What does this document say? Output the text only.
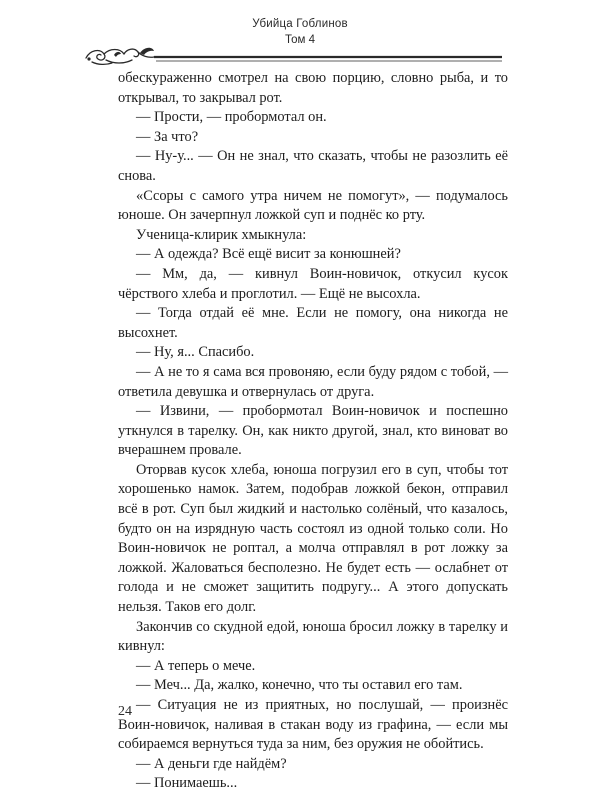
Убийца Гоблинов
Том 4

обескураженно смотрел на свою порцию, словно рыба, и то открывал, то закрывал рот.

— Прости, — пробормотал он.

— За что?

— Ну-у... — Он не знал, что сказать, чтобы не разозлить её снова.

«Ссоры с самого утра ничем не помогут», — подумалось юноше. Он зачерпнул ложкой суп и поднёс ко рту.

Ученица-клирик хмыкнула:

— А одежда? Всё ещё висит за конюшней?

— Мм, да, — кивнул Воин-новичок, откусил кусок чёрствого хлеба и проглотил. — Ещё не высохла.

— Тогда отдай её мне. Если не помогу, она никогда не высохнет.

— Ну, я... Спасибо.

— А не то я сама вся провоняю, если буду рядом с тобой, — ответила девушка и отвернулась от друга.

— Извини, — пробормотал Воин-новичок и поспешно уткнулся в тарелку. Он, как никто другой, знал, кто виноват во вчерашнем провале.

Оторвав кусок хлеба, юноша погрузил его в суп, чтобы тот хорошенько намок. Затем, подобрав ложкой бекон, отправил всё в рот. Суп был жидкий и настолько солёный, что казалось, будто он на изрядную часть состоял из одной только соли. Но Воин-новичок не роптал, а молча отправлял в рот ложку за ложкой. Жаловаться бесполезно. Не будет есть — ослабнет от голода и не сможет защитить подругу... А этого допускать нельзя. Таков его долг.

Закончив со скудной едой, юноша бросил ложку в тарелку и кивнул:

— А теперь о мече.

— Меч... Да, жалко, конечно, что ты оставил его там.

— Ситуация не из приятных, но послушай, — произнёс Воин-новичок, наливая в стакан воду из графина, — если мы собираемся вернуться туда за ним, без оружия не обойтись.

— А деньги где найдём?

— Понимаешь...

24
